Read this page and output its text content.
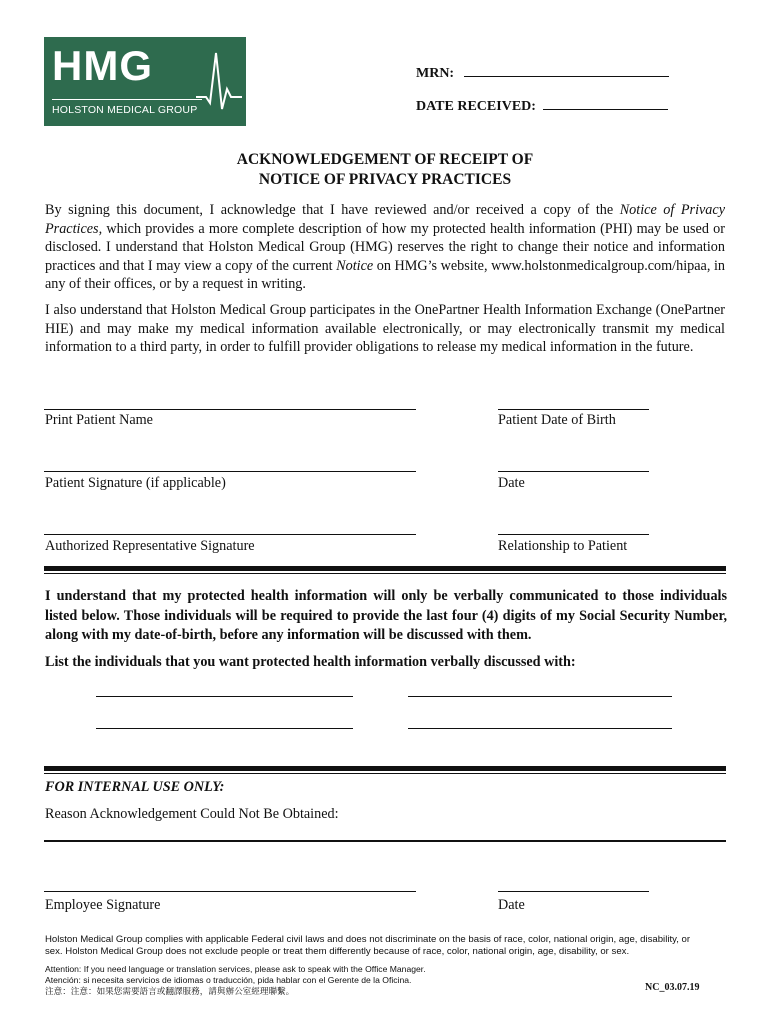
HMG
HOLSTON MEDICAL GROUP
MRN:
DATE RECEIVED:
ACKNOWLEDGEMENT OF RECEIPT OF
NOTICE OF PRIVACY PRACTICES
By signing this document, I acknowledge that I have reviewed and/or received a copy of the Notice of Privacy Practices, which provides a more complete description of how my protected health information (PHI) may be used or disclosed. I understand that Holston Medical Group (HMG) reserves the right to change their notice and information practices and that I may view a copy of the current Notice on HMG’s website, www.holstonmedicalgroup.com/hipaa, in any of their offices, or by a request in writing.
I also understand that Holston Medical Group participates in the OnePartner Health Information Exchange (OnePartner HIE) and may make my medical information available electronically, or may electronically transmit my medical information to a third party, in order to fulfill provider obligations to release my medical information in the future.
Print Patient Name	Patient Date of Birth
Patient Signature (if applicable)	Date
Authorized Representative Signature	Relationship to Patient
I understand that my protected health information will only be verbally communicated to those individuals listed below. Those individuals will be required to provide the last four (4) digits of my Social Security Number, along with my date-of-birth, before any information will be discussed with them.
List the individuals that you want protected health information verbally discussed with:
FOR INTERNAL USE ONLY:
Reason Acknowledgement Could Not Be Obtained:
Employee Signature	Date
Holston Medical Group complies with applicable Federal civil laws and does not discriminate on the basis of race, color, national origin, age, disability, or
sex. Holston Medical Group does not exclude people or treat them differently because of race, color, national origin, age, disability, or sex.
Attention: If you need language or translation services, please ask to speak with the Office Manager.
Atención: si necesita servicios de idiomas o traducción, pida hablar con el Gerente de la Oficina.
注意：注意：如果您需要語言或翻譯服務，請與辦公室經理聯繫。	NC_03.07.19
